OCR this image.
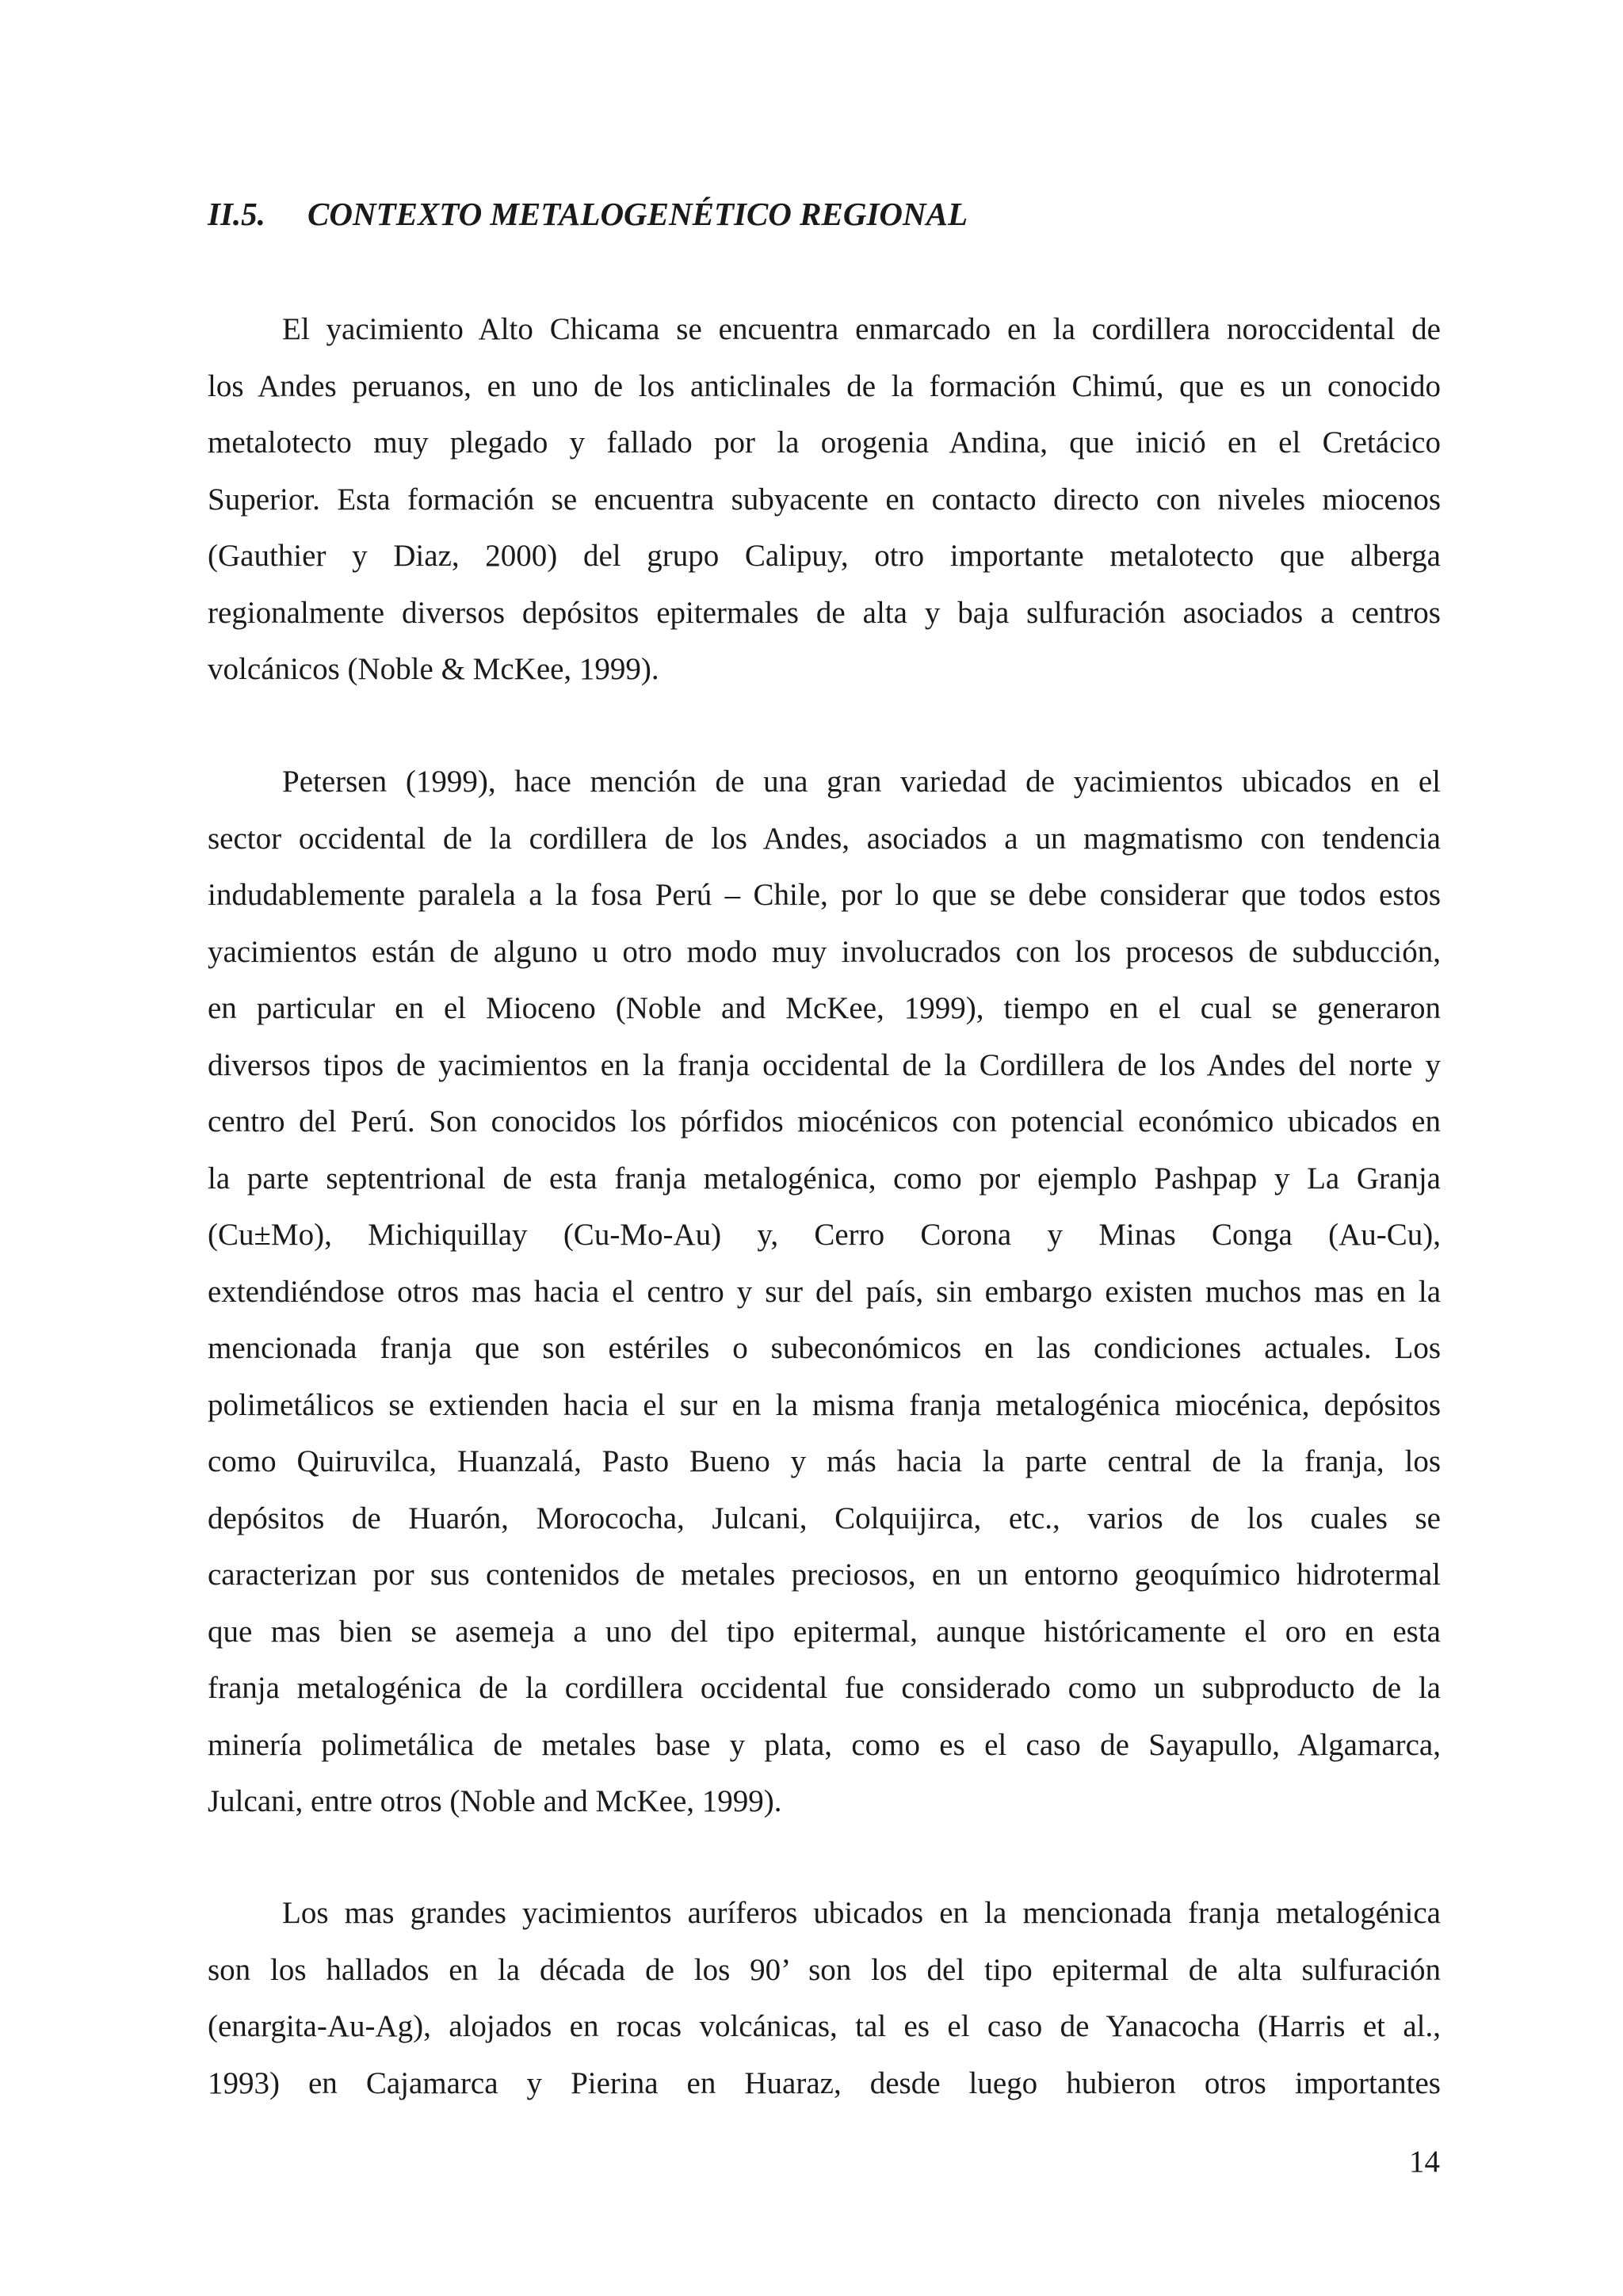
II.5. CONTEXTO METALOGENÉTICO REGIONAL
El yacimiento Alto Chicama se encuentra enmarcado en la cordillera noroccidental de
los Andes peruanos, en uno de los anticlinales de la formación Chimú, que es un conocido
metalotecto muy plegado y fallado por la orogenia Andina, que inició en el Cretácico
Superior. Esta formación se encuentra subyacente en contacto directo con niveles miocenos
(Gauthier y Diaz, 2000) del grupo Calipuy, otro importante metalotecto que alberga
regionalmente diversos depósitos epitermales de alta y baja sulfuración asociados a centros
volcánicos (Noble & McKee, 1999).
Petersen (1999), hace mención de una gran variedad de yacimientos ubicados en el
sector occidental de la cordillera de los Andes, asociados a un magmatismo con tendencia
indudablemente paralela a la fosa Perú – Chile, por lo que se debe considerar que todos estos
yacimientos están de alguno u otro modo muy involucrados con los procesos de subducción,
en particular en el Mioceno (Noble and McKee, 1999), tiempo en el cual se generaron
diversos tipos de yacimientos en la franja occidental de la Cordillera de los Andes del norte y
centro del Perú. Son conocidos los pórfidos miocénicos con potencial económico ubicados en
la parte septentrional de esta franja metalogénica, como por ejemplo Pashpap y La Granja
(Cu±Mo), Michiquillay (Cu-Mo-Au) y, Cerro Corona y Minas Conga (Au-Cu),
extendiéndose otros mas hacia el centro y sur del país, sin embargo existen muchos mas en la
mencionada franja que son estériles o subeconómicos en las condiciones actuales. Los
polimetálicos se extienden hacia el sur en la misma franja metalogénica miocénica, depósitos
como Quiruvilca, Huanzalá, Pasto Bueno y más hacia la parte central de la franja, los
depósitos de Huarón, Morococha, Julcani, Colquijirca, etc., varios de los cuales se
caracterizan por sus contenidos de metales preciosos, en un entorno geoquímico hidrotermal
que mas bien se asemeja a uno del tipo epitermal, aunque históricamente el oro en esta
franja metalogénica de la cordillera occidental fue considerado como un subproducto de la
minería polimetálica de metales base y plata, como es el caso de Sayapullo, Algamarca,
Julcani, entre otros (Noble and McKee, 1999).
Los mas grandes yacimientos auríferos ubicados en la mencionada franja metalogénica
son los hallados en la década de los 90’ son los del tipo epitermal de alta sulfuración
(enargita-Au-Ag), alojados en rocas volcánicas, tal es el caso de Yanacocha (Harris et al.,
1993) en Cajamarca y Pierina en Huaraz, desde luego hubieron otros importantes
14
